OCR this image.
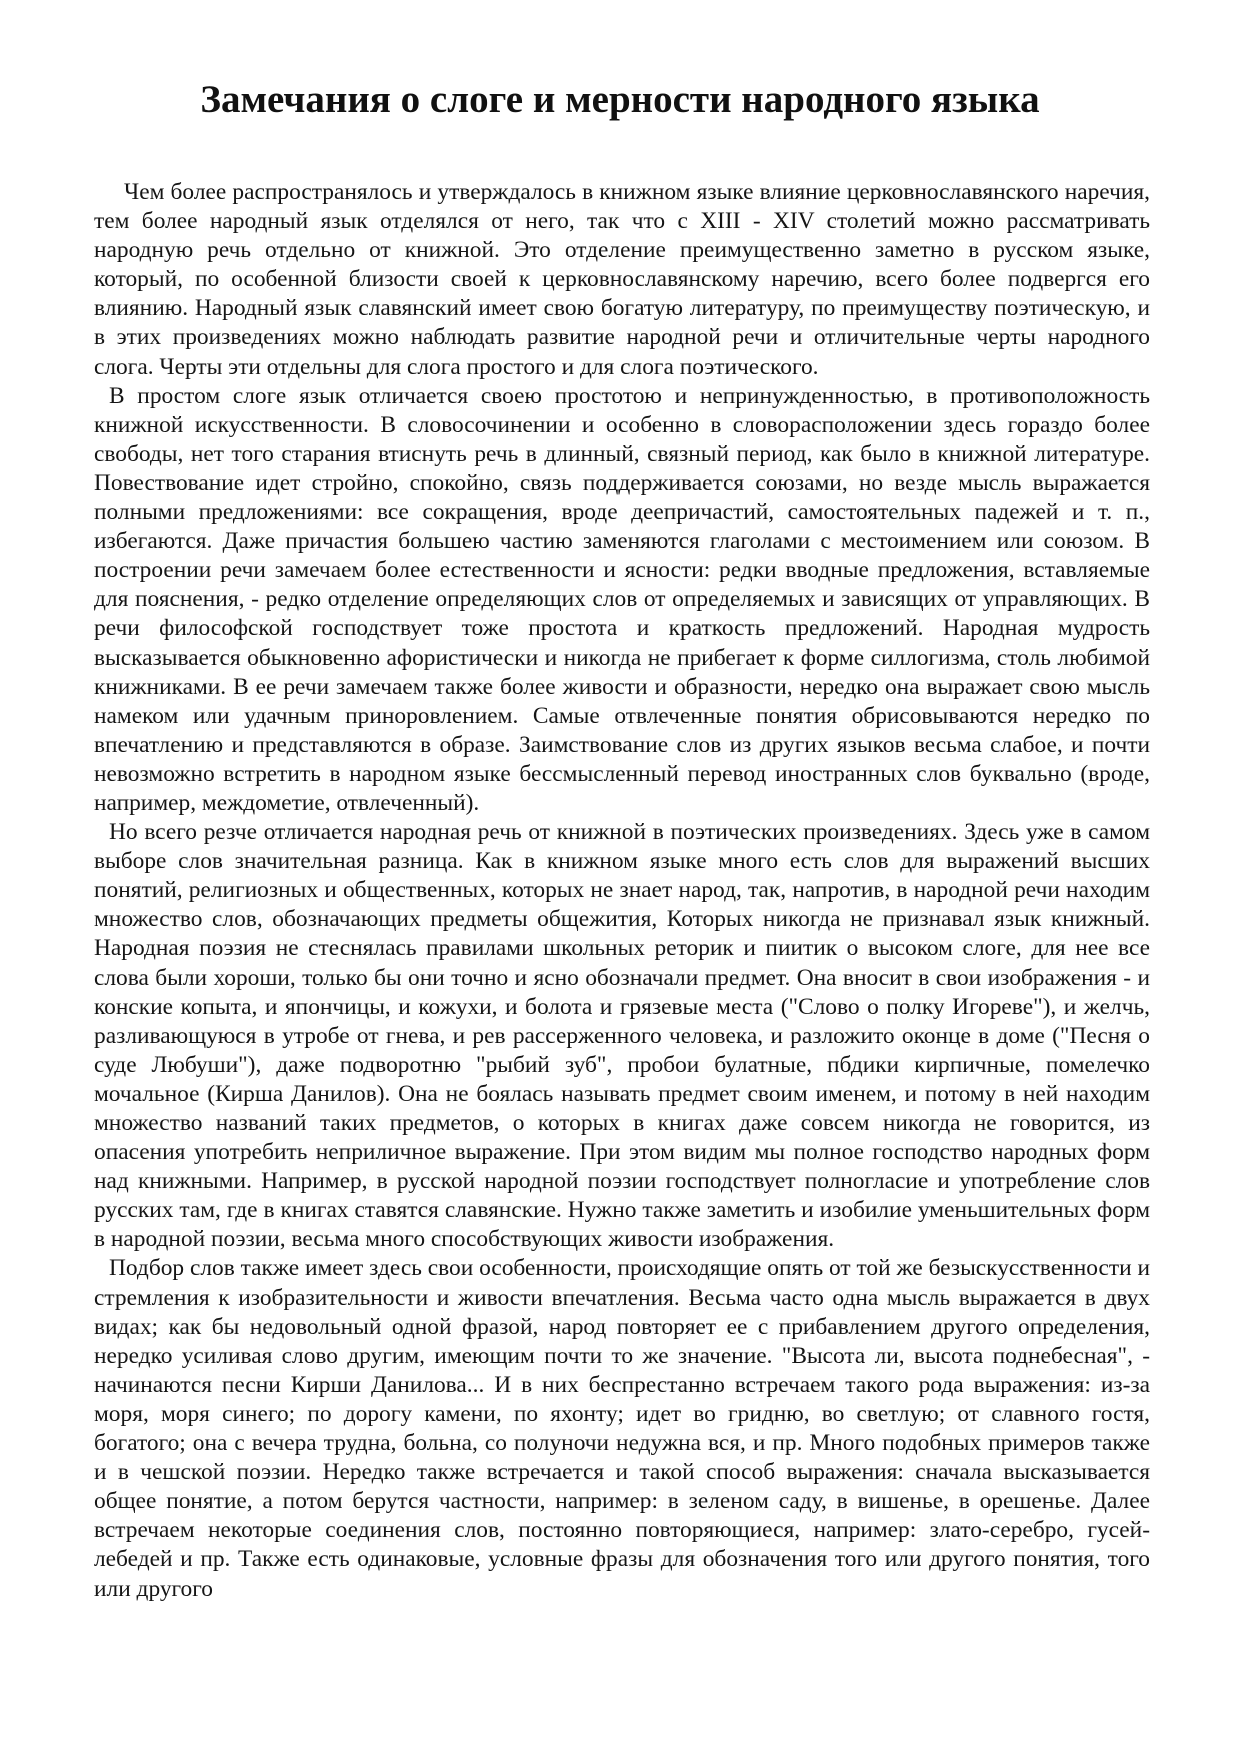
Замечания о слоге и мерности народного языка

Чем более распространялось и утверждалось в книжном языке влияние церковнославянского наречия, тем более народный язык отделялся от него, так что с XIII - XIV столетий можно рассматривать народную речь отдельно от книжной. Это отделение преимущественно заметно в русском языке, который, по особенной близости своей к церковнославянскому наречию, всего более подвергся его влиянию. Народный язык славянский имеет свою богатую литературу, по преимуществу поэтическую, и в этих произведениях можно наблюдать развитие народной речи и отличительные черты народного слога. Черты эти отдельны для слога простого и для слога поэтического.

В простом слоге язык отличается своею простотою и непринужденностью, в противоположность книжной искусственности. В словосочинении и особенно в словорасположении здесь гораздо более свободы, нет того старания втиснуть речь в длинный, связный период, как было в книжной литературе. Повествование идет стройно, спокойно, связь поддерживается союзами, но везде мысль выражается полными предложениями: все сокращения, вроде деепричастий, самостоятельных падежей и т. п., избегаются. Даже причастия большею частию заменяются глаголами с местоимением или союзом. В построении речи замечаем более естественности и ясности: редки вводные предложения, вставляемые для пояснения, - редко отделение определяющих слов от определяемых и зависящих от управляющих. В речи философской господствует тоже простота и краткость предложений. Народная мудрость высказывается обыкновенно афористически и никогда не прибегает к форме силлогизма, столь любимой книжниками. В ее речи замечаем также более живости и образности, нередко она выражает свою мысль намеком или удачным приноровлением. Самые отвлеченные понятия обрисовываются нередко по впечатлению и представляются в образе. Заимствование слов из других языков весьма слабое, и почти невозможно встретить в народном языке бессмысленный перевод иностранных слов буквально (вроде, например, междометие, отвлеченный).

Но всего резче отличается народная речь от книжной в поэтических произведениях. Здесь уже в самом выборе слов значительная разница. Как в книжном языке много есть слов для выражений высших понятий, религиозных и общественных, которых не знает народ, так, напротив, в народной речи находим множество слов, обозначающих предметы общежития, Которых никогда не признавал язык книжный. Народная поэзия не стеснялась правилами школьных реторик и пиитик о высоком слоге, для нее все слова были хороши, только бы они точно и ясно обозначали предмет. Она вносит в свои изображения - и конские копыта, и япончицы, и кожухи, и болота и грязевые места ("Слово о полку Игореве"), и желчь, разливающуюся в утробе от гнева, и рев рассерженного человека, и разложито оконце в доме ("Песня о суде Любуши"), даже подворотню "рыбий зуб", пробои булатные, пбдики кирпичные, помелечко мочальное (Кирша Данилов). Она не боялась называть предмет своим именем, и потому в ней находим множество названий таких предметов, о которых в книгах даже совсем никогда не говорится, из опасения употребить неприличное выражение. При этом видим мы полное господство народных форм над книжными. Например, в русской народной поэзии господствует полногласие и употребление слов русских там, где в книгах ставятся славянские. Нужно также заметить и изобилие уменьшительных форм в народной поэзии, весьма много способствующих живости изображения.

Подбор слов также имеет здесь свои особенности, происходящие опять от той же безыскусственности и стремления к изобразительности и живости впечатления. Весьма часто одна мысль выражается в двух видах; как бы недовольный одной фразой, народ повторяет ее с прибавлением другого определения, нередко усиливая слово другим, имеющим почти то же значение. "Высота ли, высота поднебесная", - начинаются песни Кирши Данилова... И в них беспрестанно встречаем такого рода выражения: из-за моря, моря синего; по дорогу камени, по яхонту; идет во гридню, во светлую; от славного гостя, богатого; она с вечера трудна, больна, со полуночи недужна вся, и пр. Много подобных примеров также и в чешской поэзии. Нередко также встречается и такой способ выражения: сначала высказывается общее понятие, а потом берутся частности, например: в зеленом саду, в вишенье, в орешенье. Далее встречаем некоторые соединения слов, постоянно повторяющиеся, например: злато-серебро, гусей-лебедей и пр. Также есть одинаковые, условные фразы для обозначения того или другого понятия, того или другого
